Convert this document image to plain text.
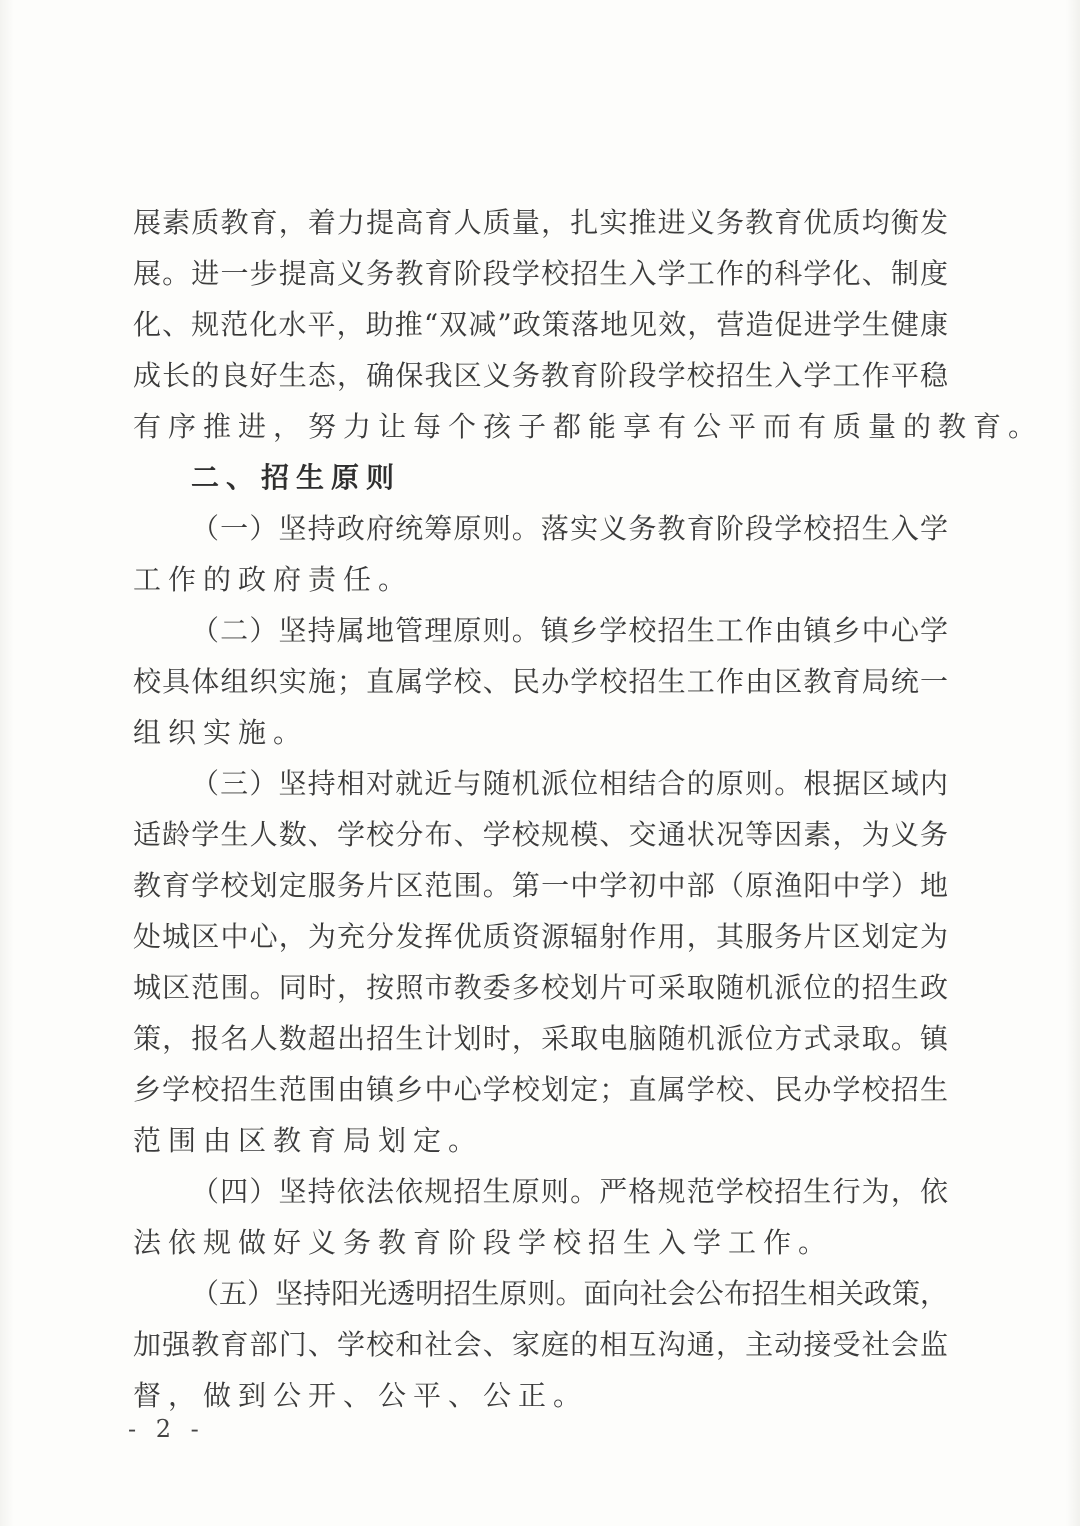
展素质教育，着力提高育人质量，扎实推进义务教育优质均衡发
展。进一步提高义务教育阶段学校招生入学工作的科学化、制度
化、规范化水平，助推“双减”政策落地见效，营造促进学生健康
成长的良好生态，确保我区义务教育阶段学校招生入学工作平稳
有序推进，努力让每个孩子都能享有公平而有质量的教育。
二、招生原则
（一）坚持政府统筹原则。落实义务教育阶段学校招生入学
工作的政府责任。
（二）坚持属地管理原则。镇乡学校招生工作由镇乡中心学
校具体组织实施；直属学校、民办学校招生工作由区教育局统一
组织实施。
（三）坚持相对就近与随机派位相结合的原则。根据区域内
适龄学生人数、学校分布、学校规模、交通状况等因素，为义务
教育学校划定服务片区范围。第一中学初中部（原渔阳中学）地
处城区中心，为充分发挥优质资源辐射作用，其服务片区划定为
城区范围。同时，按照市教委多校划片可采取随机派位的招生政
策，报名人数超出招生计划时，采取电脑随机派位方式录取。镇
乡学校招生范围由镇乡中心学校划定；直属学校、民办学校招生
范围由区教育局划定。
（四）坚持依法依规招生原则。严格规范学校招生行为，依
法依规做好义务教育阶段学校招生入学工作。
（五）坚持阳光透明招生原则。面向社会公布招生相关政策，
加强教育部门、学校和社会、家庭的相互沟通，主动接受社会监
督，做到公开、公平、公正。
- 2 -
